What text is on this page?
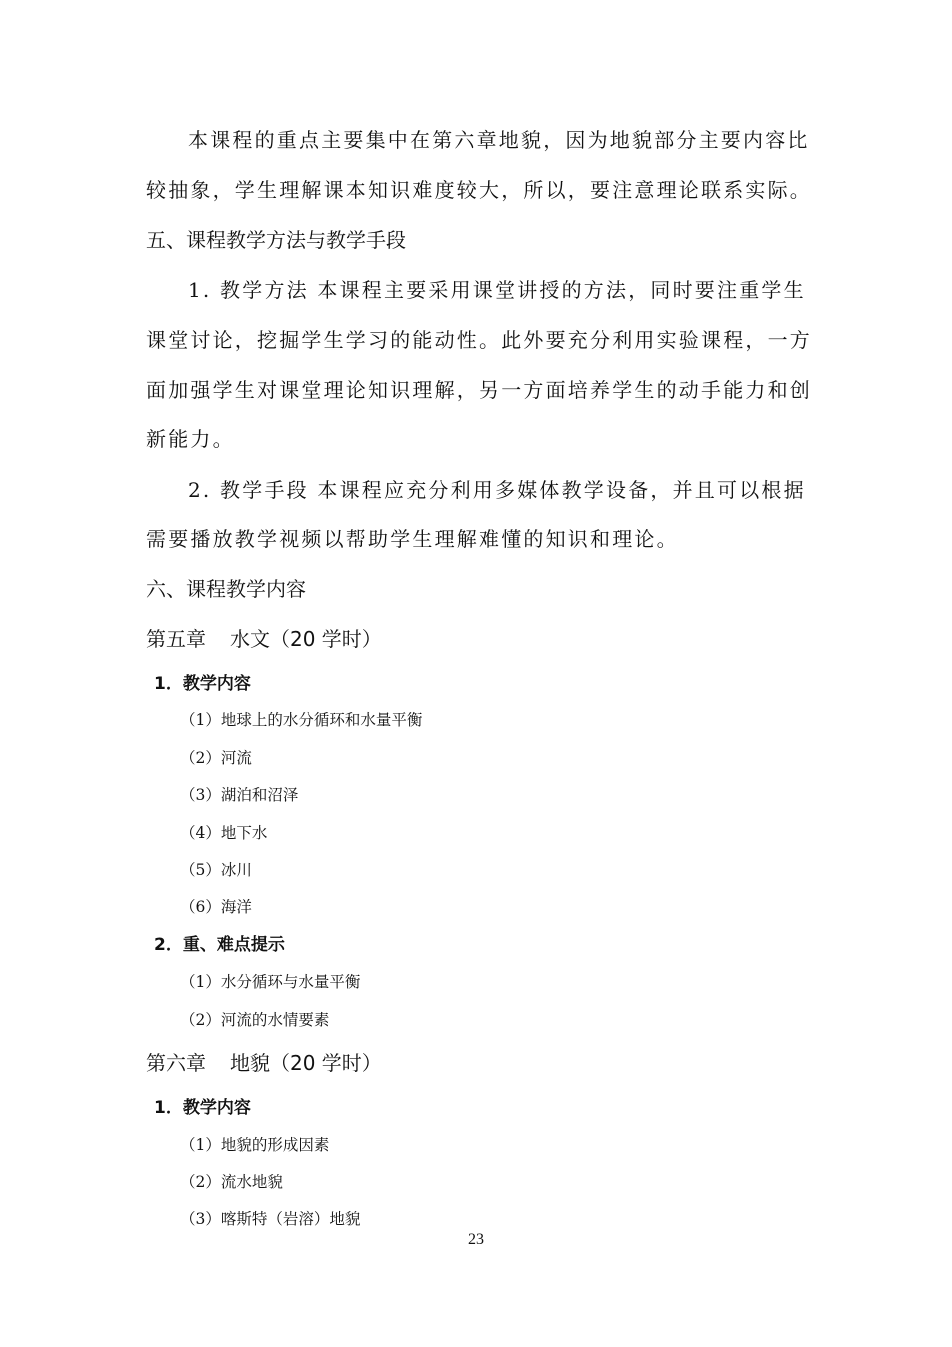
本课程的重点主要集中在第六章地貌，因为地貌部分主要内容比
较抽象，学生理解课本知识难度较大，所以，要注意理论联系实际。
五、课程教学方法与教学手段
1. 教学方法 本课程主要采用课堂讲授的方法，同时要注重学生
课堂讨论，挖掘学生学习的能动性。此外要充分利用实验课程，一方
面加强学生对课堂理论知识理解，另一方面培养学生的动手能力和创
新能力。
2. 教学手段 本课程应充分利用多媒体教学设备，并且可以根据
需要播放教学视频以帮助学生理解难懂的知识和理论。
六、课程教学内容
第五章 水文（20 学时）
1．教学内容
（1）地球上的水分循环和水量平衡
（2）河流
（3）湖泊和沼泽
（4）地下水
（5）冰川
（6）海洋
2．重、难点提示
（1）水分循环与水量平衡
（2）河流的水情要素
第六章 地貌（20 学时）
1．教学内容
（1）地貌的形成因素
（2）流水地貌
（3）喀斯特（岩溶）地貌
23
